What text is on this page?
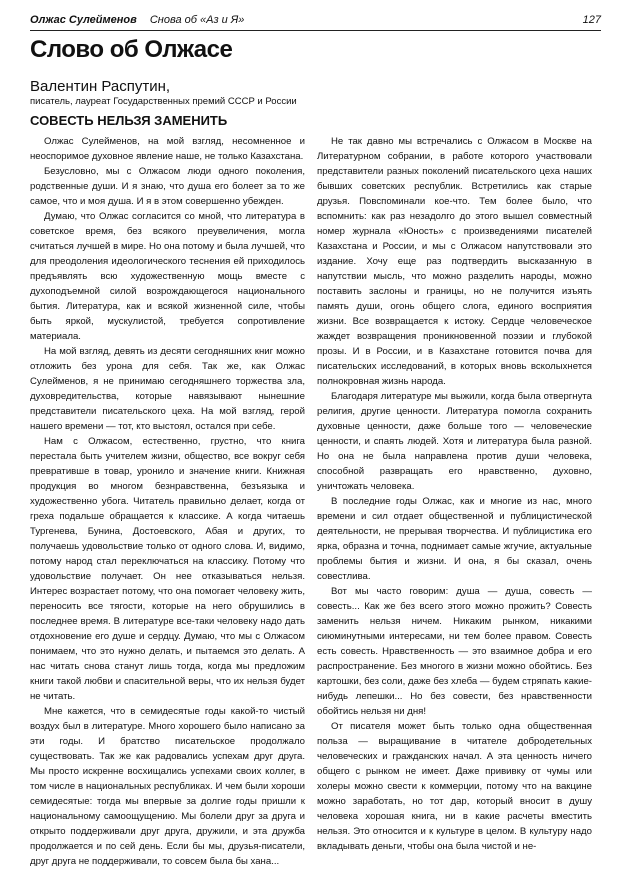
Олжас Сулейменов Снова об «Аз и Я»	127
Слово об Олжасе
Валентин Распутин,
писатель, лауреат Государственных премий СССР и России
СОВЕСТЬ НЕЛЬЗЯ ЗАМЕНИТЬ

Олжас Сулейменов, на мой взгляд, несомненное и неоспоримое духовное явление наше, не только Казахстана.

Безусловно, мы с Олжасом люди одного поколения, родственные души. И я знаю, что душа его болеет за то же самое, что и моя душа. И я в этом совершенно убежден.

Думаю, что Олжас согласится со мной, что литература в советское время, без всякого преувеличения, могла считаться лучшей в мире. Но она потому и была лучшей, что для преодоления идеологического теснения ей приходилось предъявлять всю художественную мощь вместе с духоподъемной силой возрождающегося национального бытия. Литература, как и всякой жизненной силе, чтобы быть яркой, мускулистой, требуется сопротивление материала.

На мой взгляд, девять из десяти сегодняшних книг можно отложить без урона для себя. Так же, как Олжас Сулейменов, я не принимаю сегодняшнего торжества зла, духовредительства, которые навязывают нынешние представители писательского цеха. На мой взгляд, герой нашего времени — тот, кто выстоял, остался при себе.

Нам с Олжасом, естественно, грустно, что книга перестала быть учителем жизни, общество, все вокруг себя превративше в товар, уронило и значение книги. Книжная продукция во многом безнравственна, безъязыка и художественно убога. Читатель правильно делает, когда от греха подальше обращается к классике. А когда читаешь Тургенева, Бунина, Достоевского, Абая и других, то получаешь удовольствие только от одного слова. И, видимо, потому народ стал переключаться на классику. Потому что удовольствие получает. Он нее отказываться нельзя. Интерес возрастает потому, что она помогает человеку жить, переносить все тягости, которые на него обрушились в последнее время. В литературе все-таки человеку надо дать отдохновение его душе и сердцу. Думаю, что мы с Олжасом понимаем, что это нужно делать, и пытаемся это делать. А нас читать снова станут лишь тогда, когда мы предложим книги такой любви и спасительной веры, что их нельзя будет не читать.

Мне кажется, что в семидесятые годы какой-то чистый воздух был в литературе. Много хорошего было написано за эти годы. И братство писательское продолжало существовать. Так же как радовались успехам друг друга. Мы просто искренне восхищались успехами своих коллег, в том числе в национальных республиках. И чем были хороши семидесятые: тогда мы впервые за долгие годы пришли к национальному самоощущению. Мы болели друг за друга и открыто поддерживали друг друга, дружили, и эта дружба продолжается и по сей день. Если бы мы, друзья-писатели, друг друга не поддерживали, то совсем была бы хана...

Не так давно мы встречались с Олжасом в Москве на Литературном собрании, в работе которого участвовали представители разных поколений писательского цеха наших бывших советских республик. Встретились как старые друзья. Повспоминали кое-что. Тем более было, что вспомнить: как раз незадолго до этого вышел совместный номер журнала «Юность» с произведениями писателей Казахстана и России, и мы с Олжасом напутствовали это издание. Хочу еще раз подтвердить высказанную в напутствии мысль, что можно разделить народы, можно поставить заслоны и границы, но не получится изъять память души, огонь общего слога, единого восприятия жизни. Все возвращается к истоку. Сердце человеческое жаждет возвращения проникновенной поэзии и глубокой прозы. И в России, и в Казахстане готовится почва для писательских исследований, в которых вновь всколыхнется полнокровная жизнь народа.

Благодаря литературе мы выжили, когда была отвергнута религия, другие ценности. Литература помогла сохранить духовные ценности, даже больше того — человеческие ценности, и спаять людей. Хотя и литература была разной. Но она не была направлена против души человека, способной развращать его нравственно, духовно, уничтожать человека.

В последние годы Олжас, как и многие из нас, много времени и сил отдает общественной и публицистической деятельности, не прерывая творчества. И публицистика его ярка, образна и точна, поднимает самые жгучие, актуальные проблемы бытия и жизни. И она, я бы сказал, очень совестлива.

Вот мы часто говорим: душа — душа, совесть — совесть... Как же без всего этого можно прожить? Совесть заменить нельзя ничем. Никаким рынком, никакими сиюминутными интересами, ни тем более правом. Совесть есть совесть. Нравственность — это взаимное добра и его распространение. Без многого в жизни можно обойтись. Без картошки, без соли, даже без хлеба — будем стряпать какие-нибудь лепешки... Но без совести, без нравственности обойтись нельзя ни дня!

От писателя может быть только одна общественная польза — выращивание в читателе добродетельных человеческих и гражданских начал. А эта ценность ничего общего с рынком не имеет. Даже прививку от чумы или холеры можно свести к коммерции, потому что на вакцине можно заработать, но тот дар, который вносит в душу человека хорошая книга, ни в какие расчеты вместить нельзя. Это относится и к культуре в целом. В культуру надо вкладывать деньги, чтобы она была чистой и не-
